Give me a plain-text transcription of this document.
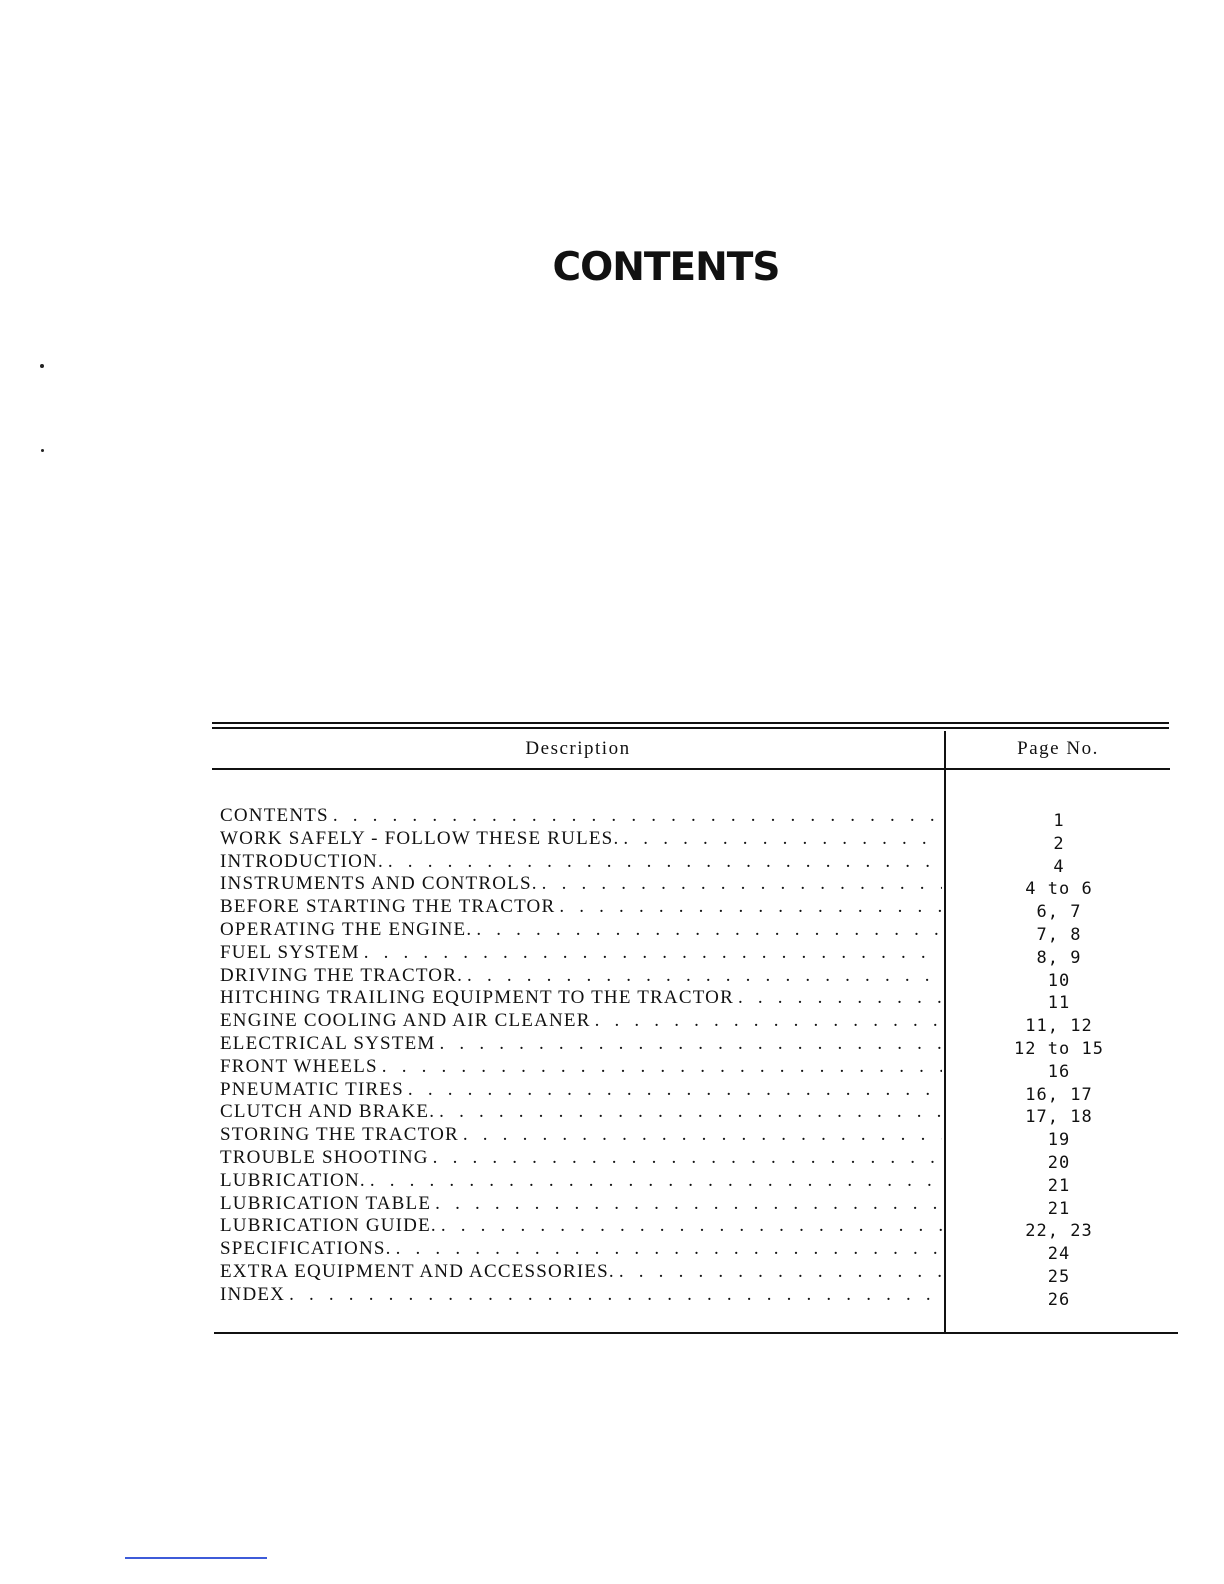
CONTENTS
Description	Page No.
CONTENTS
. . .
WORK SAFELY - FOLLOW THESE RULES.
. . .
INTRODUCTION.
. . .
INSTRUMENTS AND CONTROLS.
. . .
BEFORE STARTING THE TRACTOR
. . .
OPERATING THE ENGINE.
. . .
FUEL SYSTEM
. . .
DRIVING THE TRACTOR.
. . .
HITCHING TRAILING EQUIPMENT TO THE TRACTOR
. . .
ENGINE COOLING AND AIR CLEANER
. . .
ELECTRICAL SYSTEM
. . .
FRONT WHEELS
. . .
PNEUMATIC TIRES
. . .
CLUTCH AND BRAKE.
. . .
STORING THE TRACTOR
. . .
TROUBLE SHOOTING
. . .
LUBRICATION.
. . .
LUBRICATION TABLE
. . .
LUBRICATION GUIDE.
. . .
SPECIFICATIONS.
. . .
EXTRA EQUIPMENT AND ACCESSORIES.
. . .
INDEX
. . .
1
2
4
4 to 6
6, 7
7, 8
8, 9
10
11
11, 12
12 to 15
16
16, 17
17, 18
19
20
21
21
22, 23
24
25
26
